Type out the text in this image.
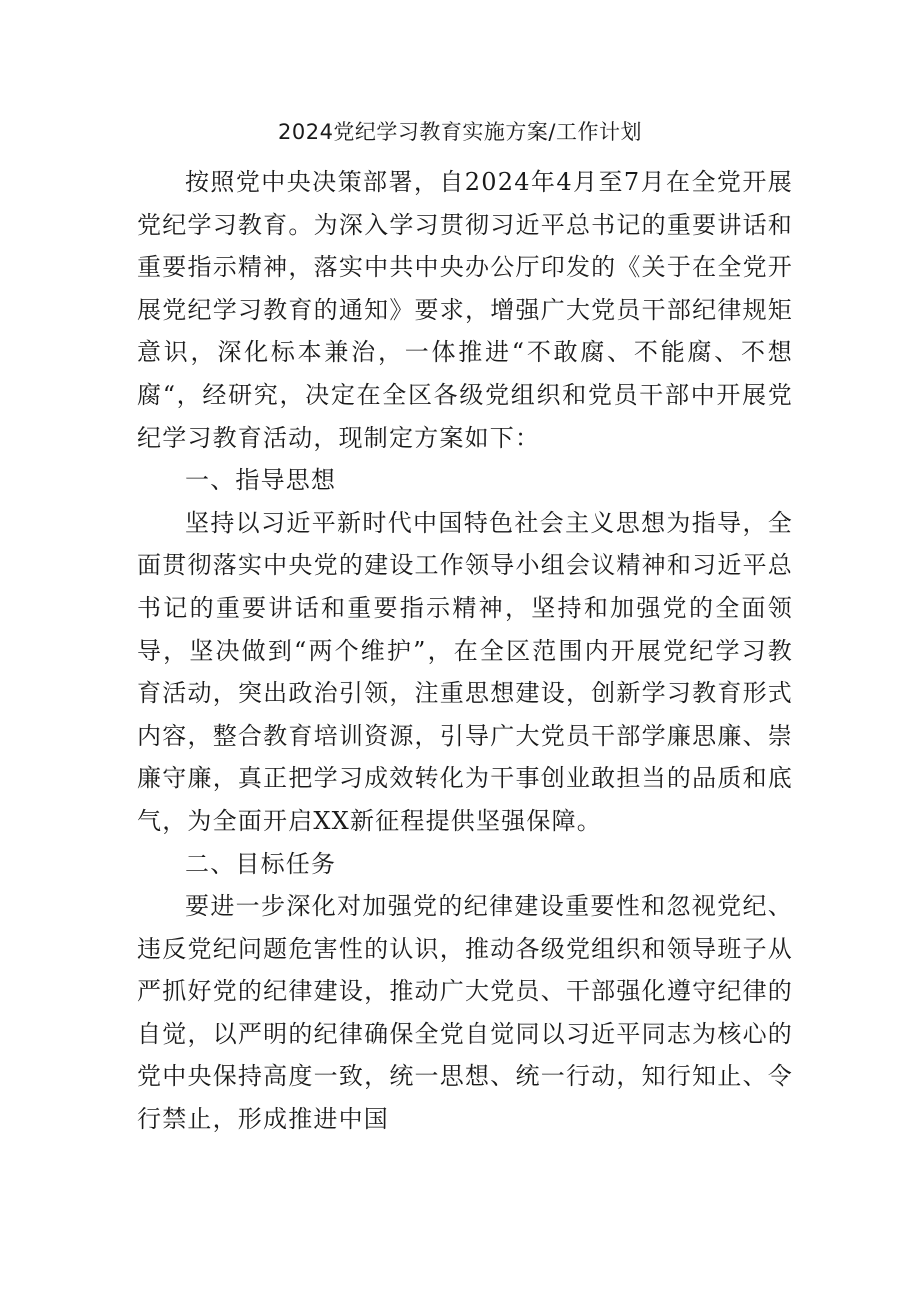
2024党纪学习教育实施方案/工作计划

按照党中央决策部署，自2024年4月至7月在全党开展党纪学习教育。为深入学习贯彻习近平总书记的重要讲话和重要指示精神，落实中共中央办公厅印发的《关于在全党开展党纪学习教育的通知》要求，增强广大党员干部纪律规矩意识，深化标本兼治，一体推进“不敢腐、不能腐、不想腐“，经研究，决定在全区各级党组织和党员干部中开展党纪学习教育活动，现制定方案如下：

一、指导思想

坚持以习近平新时代中国特色社会主义思想为指导，全面贯彻落实中央党的建设工作领导小组会议精神和习近平总书记的重要讲话和重要指示精神，坚持和加强党的全面领导，坚决做到“两个维护”，在全区范围内开展党纪学习教育活动，突出政治引领，注重思想建设，创新学习教育形式内容，整合教育培训资源，引导广大党员干部学廉思廉、崇廉守廉，真正把学习成效转化为干事创业敢担当的品质和底气，为全面开启XX新征程提供坚强保障。

二、目标任务

要进一步深化对加强党的纪律建设重要性和忽视党纪、违反党纪问题危害性的认识，推动各级党组织和领导班子从严抓好党的纪律建设，推动广大党员、干部强化遵守纪律的自觉，以严明的纪律确保全党自觉同以习近平同志为核心的党中央保持高度一致，统一思想、统一行动，知行知止、令行禁止，形成推进中国
